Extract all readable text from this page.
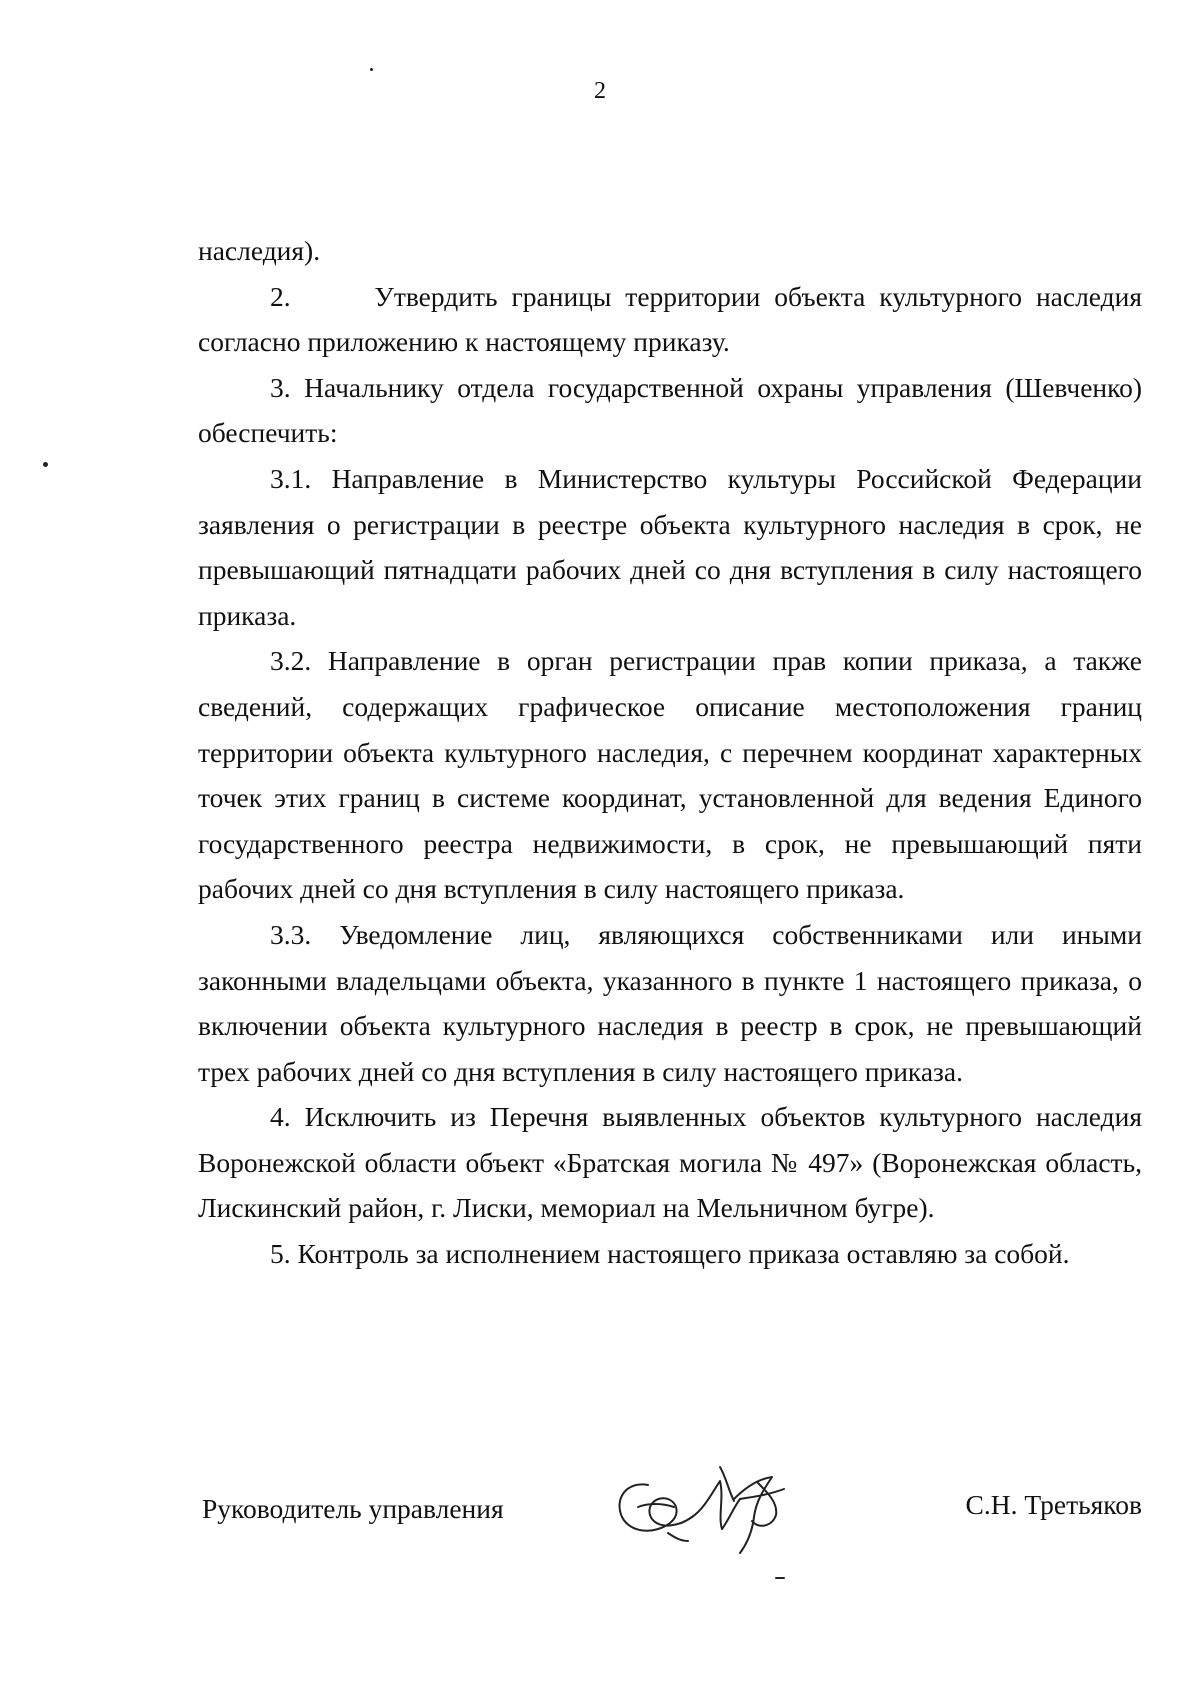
2

наследия).

2.      Утвердить границы территории объекта культурного наследия согласно приложению к настоящему приказу.

3. Начальнику отдела государственной охраны управления (Шевченко) обеспечить:

3.1. Направление в Министерство культуры Российской Федерации заявления о регистрации в реестре объекта культурного наследия в срок, не превышающий пятнадцати рабочих дней со дня вступления в силу настоящего приказа.

3.2. Направление в орган регистрации прав копии приказа, а также сведений, содержащих графическое описание местоположения границ территории объекта культурного наследия, с перечнем координат характерных точек этих границ в системе координат, установленной для ведения Единого государственного реестра недвижимости, в срок, не превышающий пяти рабочих дней со дня вступления в силу настоящего приказа.

3.3. Уведомление лиц, являющихся собственниками или иными законными владельцами объекта, указанного в пункте 1 настоящего приказа, о включении объекта культурного наследия в реестр в срок, не превышающий трех рабочих дней со дня вступления в силу настоящего приказа.

4. Исключить из Перечня выявленных объектов культурного наследия Воронежской области объект «Братская могила № 497» (Воронежская область, Лискинский район, г. Лиски, мемориал на Мельничном бугре).

5. Контроль за исполнением настоящего приказа оставляю за собой.

Руководитель управления	С.Н. Третьяков
